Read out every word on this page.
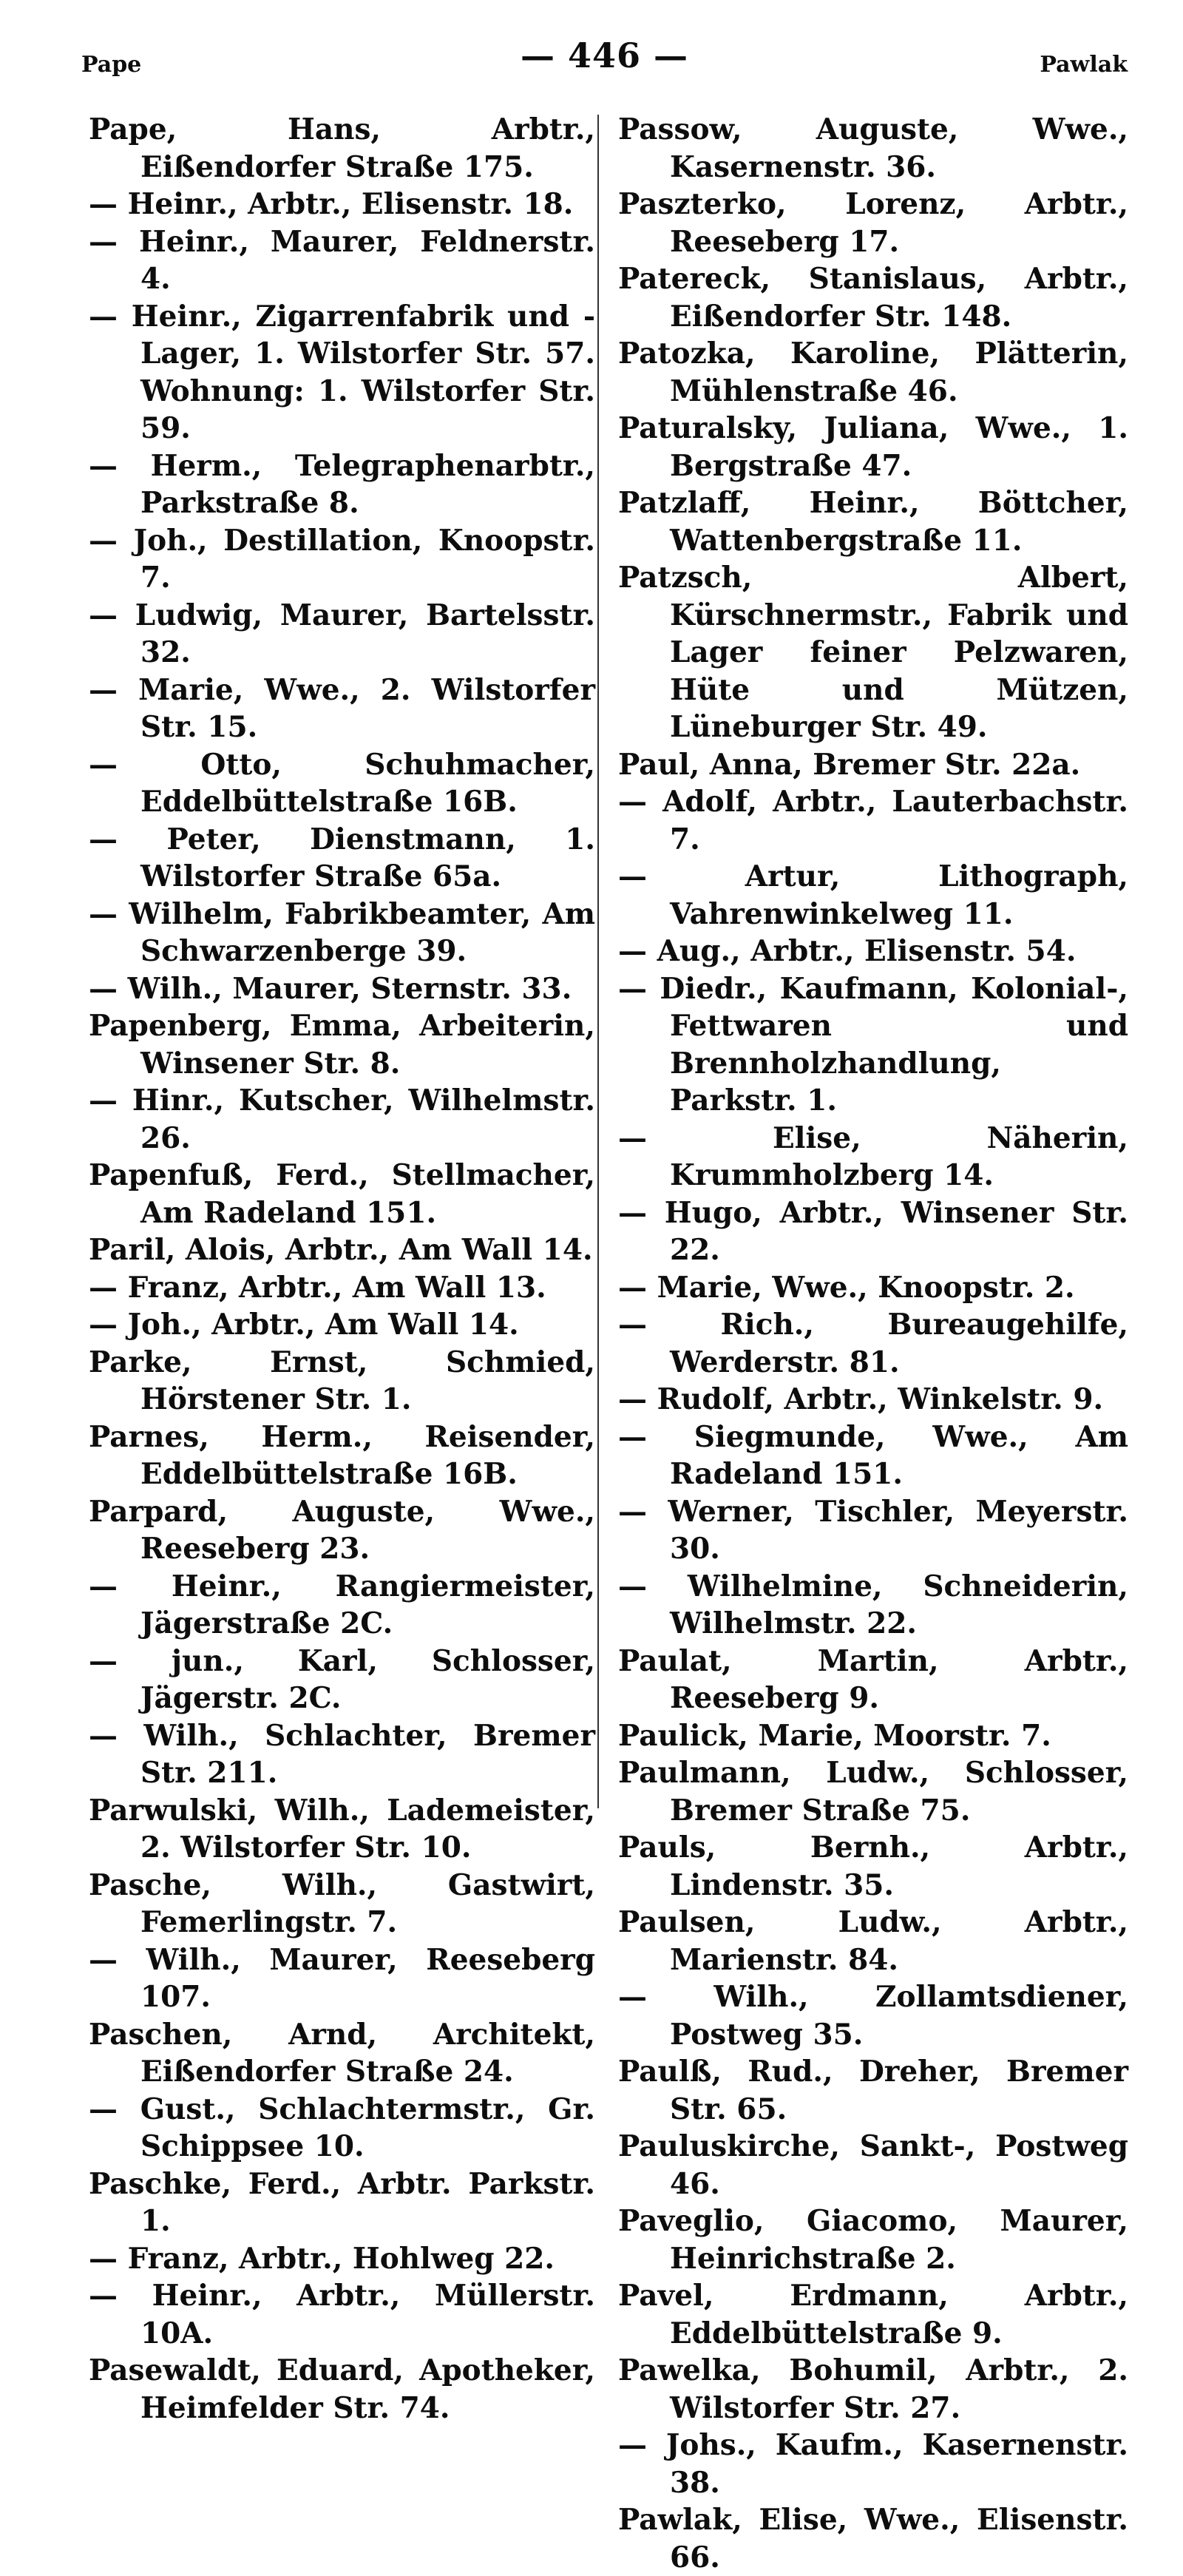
Pape	— 446 —	Pawlak

Pape, Hans, Arbtr., Eißendorfer Straße 175.

— Heinr., Arbtr., Elisenstr. 18.

— Heinr., Maurer, Feldnerstr. 4.

— Heinr., Zigarrenfabrik und -Lager, 1. Wilstorfer Str. 57. Wohnung: 1. Wilstorfer Str. 59.

— Herm., Telegraphenarbtr., Parkstraße 8.

— Joh., Destillation, Knoopstr. 7.

— Ludwig, Maurer, Bartelsstr. 32.

— Marie, Wwe., 2. Wilstorfer Str. 15.

— Otto, Schuhmacher, Eddelbüttelstraße 16B.

— Peter, Dienstmann, 1. Wilstorfer Straße 65a.

— Wilhelm, Fabrikbeamter, Am Schwarzenberge 39.

— Wilh., Maurer, Sternstr. 33.

Papenberg, Emma, Arbeiterin, Winsener Str. 8.

— Hinr., Kutscher, Wilhelmstr. 26.

Papenfuß, Ferd., Stellmacher, Am Radeland 151.

Paril, Alois, Arbtr., Am Wall 14.

— Franz, Arbtr., Am Wall 13.

— Joh., Arbtr., Am Wall 14.

Parke, Ernst, Schmied, Hörstener Str. 1.

Parnes, Herm., Reisender, Eddelbüttelstraße 16B.

Parpard, Auguste, Wwe., Reeseberg 23.

— Heinr., Rangiermeister, Jägerstraße 2C.

— jun., Karl, Schlosser, Jägerstr. 2C.

— Wilh., Schlachter, Bremer Str. 211.

Parwulski, Wilh., Lademeister, 2. Wilstorfer Str. 10.

Pasche, Wilh., Gastwirt, Femerlingstr. 7.

— Wilh., Maurer, Reeseberg 107.

Paschen, Arnd, Architekt, Eißendorfer Straße 24.

— Gust., Schlachtermstr., Gr. Schippsee 10.

Paschke, Ferd., Arbtr. Parkstr. 1.

— Franz, Arbtr., Hohlweg 22.

— Heinr., Arbtr., Müllerstr. 10A.

Pasewaldt, Eduard, Apotheker, Heimfelder Str. 74.

Passow, Auguste, Wwe., Kasernenstr. 36.

Paszterko, Lorenz, Arbtr., Reeseberg 17.

Patereck, Stanislaus, Arbtr., Eißendorfer Str. 148.

Patozka, Karoline, Plätterin, Mühlenstraße 46.

Paturalsky, Juliana, Wwe., 1. Bergstraße 47.

Patzlaff, Heinr., Böttcher, Wattenbergstraße 11.

Patzsch, Albert, Kürschnermstr., Fabrik und Lager feiner Pelzwaren, Hüte und Mützen, Lüneburger Str. 49.

Paul, Anna, Bremer Str. 22a.

— Adolf, Arbtr., Lauterbachstr. 7.

— Artur, Lithograph, Vahrenwinkelweg 11.

— Aug., Arbtr., Elisenstr. 54.

— Diedr., Kaufmann, Kolonial-, Fettwaren und Brennholzhandlung, Parkstr. 1.

— Elise, Näherin, Krummholzberg 14.

— Hugo, Arbtr., Winsener Str. 22.

— Marie, Wwe., Knoopstr. 2.

— Rich., Bureaugehilfe, Werderstr. 81.

— Rudolf, Arbtr., Winkelstr. 9.

— Siegmunde, Wwe., Am Radeland 151.

— Werner, Tischler, Meyerstr. 30.

— Wilhelmine, Schneiderin, Wilhelmstr. 22.

Paulat, Martin, Arbtr., Reeseberg 9.

Paulick, Marie, Moorstr. 7.

Paulmann, Ludw., Schlosser, Bremer Straße 75.

Pauls, Bernh., Arbtr., Lindenstr. 35.

Paulsen, Ludw., Arbtr., Marienstr. 84.

— Wilh., Zollamtsdiener, Postweg 35.

Paulß, Rud., Dreher, Bremer Str. 65.

Pauluskirche, Sankt-, Postweg 46.

Paveglio, Giacomo, Maurer, Heinrichstraße 2.

Pavel, Erdmann, Arbtr., Eddelbüttelstraße 9.

Pawelka, Bohumil, Arbtr., 2. Wilstorfer Str. 27.

— Johs., Kaufm., Kasernenstr. 38.

Pawlak, Elise, Wwe., Elisenstr. 66.
